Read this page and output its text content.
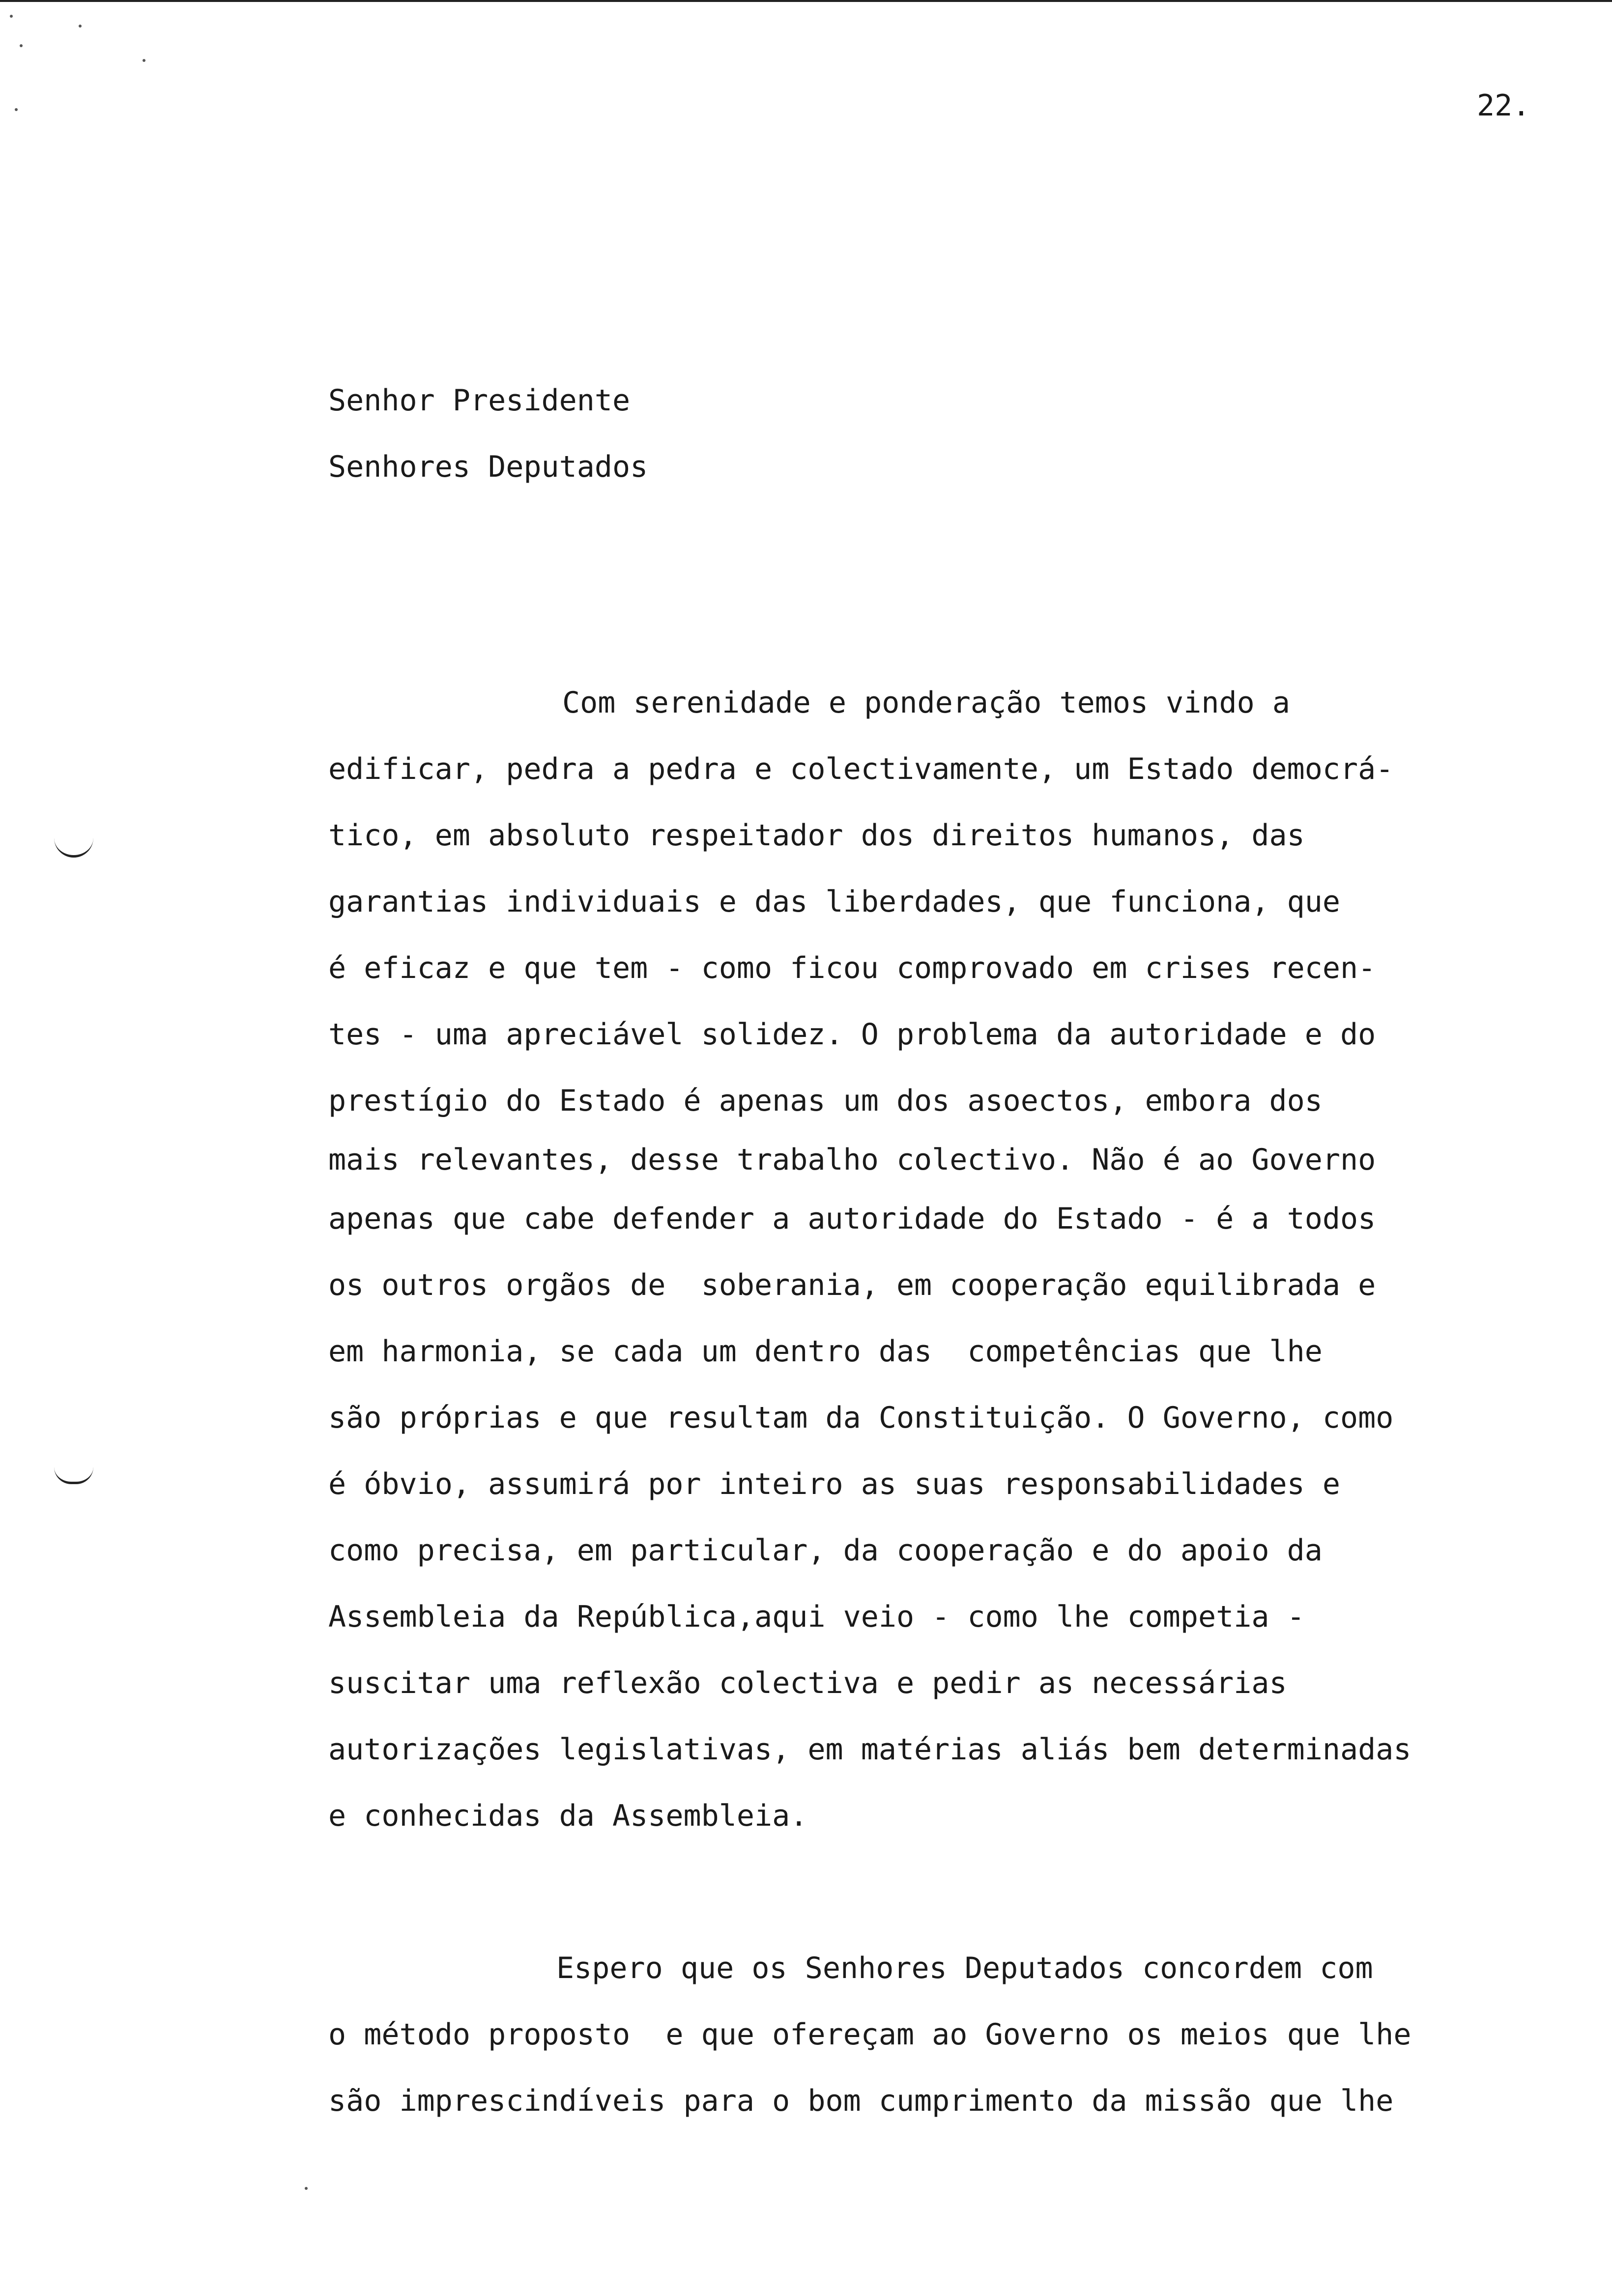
22.
Senhor Presidente
Senhores Deputados
Com serenidade e ponderação temos vindo a
edificar, pedra a pedra e colectivamente, um Estado democrá-
tico, em absoluto respeitador dos direitos humanos, das
garantias individuais e das liberdades, que funciona, que
é eficaz e que tem - como ficou comprovado em crises recen-
tes - uma apreciável solidez. O problema da autoridade e do
prestígio do Estado é apenas um dos asoectos, embora dos
mais relevantes, desse trabalho colectivo. Não é ao Governo
apenas que cabe defender a autoridade do Estado - é a todos
os outros orgãos de  soberania, em cooperação equilibrada e
em harmonia, se cada um dentro das  competências que lhe
são próprias e que resultam da Constituição. O Governo, como
é óbvio, assumirá por inteiro as suas responsabilidades e
como precisa, em particular, da cooperação e do apoio da
Assembleia da República,aqui veio - como lhe competia -
suscitar uma reflexão colectiva e pedir as necessárias
autorizações legislativas, em matérias aliás bem determinadas
e conhecidas da Assembleia.
Espero que os Senhores Deputados concordem com
o método proposto  e que ofereçam ao Governo os meios que lhe
são imprescindíveis para o bom cumprimento da missão que lhe
